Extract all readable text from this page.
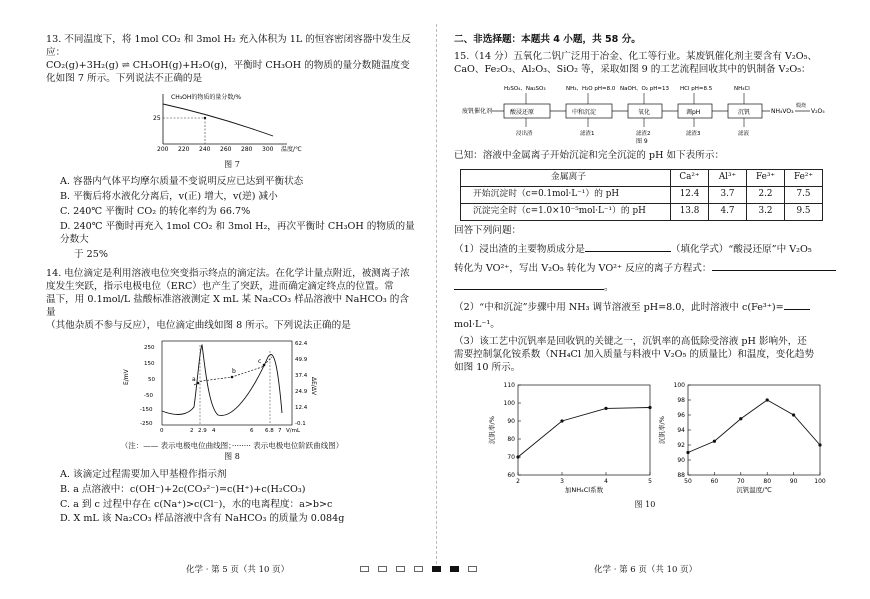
13. 不同温度下，将 1mol CO₂ 和 3mol H₂ 充入体积为 1L 的恒容密闭容器中发生反应：

CO₂(g)+3H₂(g) ⇌ CH₃OH(g)+H₂O(g)，平衡时 CH₃OH 的物质的量分数随温度变

化如图 7 所示。下列说法不正确的是

CH₃OH的物质的量分数/%
25
200 220 240 260 280 300 温度/℃
图 7

A. 容器内气体平均摩尔质量不变说明反应已达到平衡状态

B. 平衡后将水液化分离后，v(正) 增大，v(逆) 减小

C. 240℃ 平衡时 CO₂ 的转化率约为 66.7%

D. 240℃ 平衡时再充入 1mol CO₂ 和 3mol H₂，再次平衡时 CH₃OH 的物质的量分数大

于 25%

14. 电位滴定是利用溶液电位突变指示终点的滴定法。在化学计量点附近，被测离子浓

度发生突跃，指示电极电位（ERC）也产生了突跃，进而确定滴定终点的位置。常

温下，用 0.1mol/L 盐酸标准溶液测定 X mL 某 Na₂CO₃ 样品溶液中 NaHCO₃ 的含量

（其他杂质不参与反应），电位滴定曲线如图 8 所示。下列说法正确的是

E/mV	ΔE/ΔV
250
150
50
-50
-150
-250
62.4
49.9
37.4
24.9
12.4
-0.1
a
b
c
0	2 2.9 4	6 6.8 7 V/mL
（注：—— 表示电极电位曲线图；········ 表示电极电位阶跃曲线图）
图 8

A. 该滴定过程需要加入甲基橙作指示剂

B. a 点溶液中：c(OH⁻)+2c(CO₃²⁻)=c(H⁺)+c(H₂CO₃)

C. a 到 c 过程中存在 c(Na⁺)>c(Cl⁻)，水的电离程度：a>b>c

D. X mL 该 Na₂CO₃ 样品溶液中含有 NaHCO₃ 的质量为 0.084g

二、非选择题：本题共 4 小题，共 58 分。

15.（14 分）五氧化二钒广泛用于冶金、化工等行业。某废钒催化剂主要含有 V₂O₅、

CaO、Fe₂O₃、Al₂O₃、SiO₂ 等，采取如图 9 的工艺流程回收其中的钒制备 V₂O₅：

废钒催化剂	酸浸还原	中和沉淀	氧化	调pH	沉钒
H₂SO₄、Na₂SO₃	NH₃、H₂O pH=8.0 NaOH、O₂ pH=13 HCl pH=8.5	NH₄Cl
浸出渣	滤渣1	滤渣2	滤渣3	滤液
NH₄VO₃
煅烧
V₂O₅
图 9

已知：溶液中金属离子开始沉淀和完全沉淀的 pH 如下表所示：

金属离子	Ca²⁺	Al³⁺	Fe³⁺	Fe²⁺
开始沉淀时（c=0.1mol·L⁻¹）的 pH	12.4	3.7	2.2	7.5
沉淀完全时（c=1.0×10⁻⁵mol·L⁻¹）的 pH	13.8	4.7	3.2	9.5

回答下列问题：

（1）浸出渣的主要物质成分是	（填化学式）“酸浸还原”中 V₂O₅

转化为 VO²⁺，写出 V₂O₅ 转化为 VO²⁺ 反应的离子方程式：

。

（2）“中和沉淀”步骤中用 NH₃ 调节溶液至 pH=8.0，此时溶液中 c(Fe³⁺)=

mol·L⁻¹。

（3）该工艺中沉钒率是回收钒的关键之一，沉钒率的高低除受溶液 pH 影响外，还

需要控制氯化铵系数（NH₄Cl 加入质量与料液中 V₂O₅ 的质量比）和温度，变化趋势

如图 10 所示。

60
70
80
90
100
110
2	3	4	5
加NH₄Cl系数
沉钒率/%
88
90
92
94
96
98
100
50	60	70	80	90	100
沉钒温度/℃
沉钒率/%
图 10
化学 · 第 5 页（共 10 页）	化学 · 第 6 页（共 10 页）
